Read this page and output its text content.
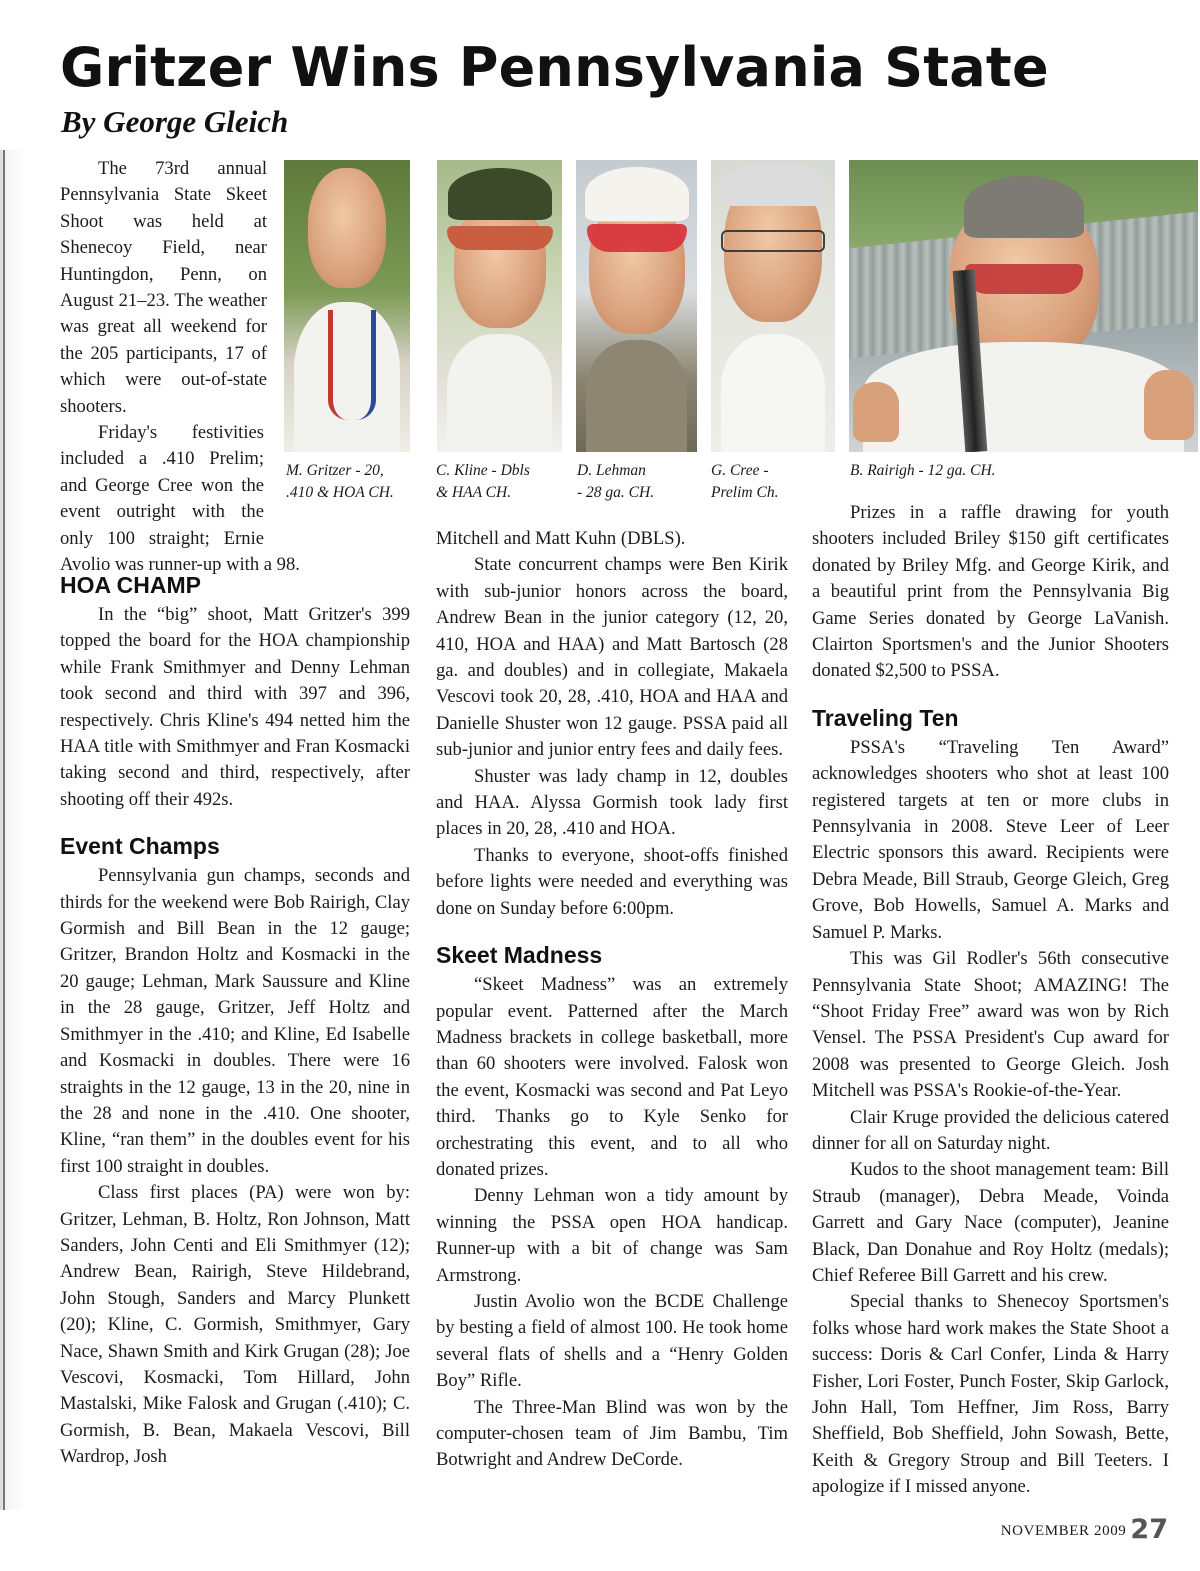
Gritzer Wins Pennsylvania State

By George Gleich

The 73rd annual Pennsylvania State Skeet Shoot was held at Shenecoy Field, near Huntingdon, Penn, on August 21–23. The weather was great all weekend for the 205 participants, 17 of which were out-of-state shooters.

Friday's festivities included a .410 Prelim; and George Cree won the event outright with the only 100 straight; Ernie Avolio was runner-up with a 98.

M. Gritzer - 20,
.410 & HOA CH.
C. Kline - Dbls
& HAA CH.
D. Lehman
- 28 ga. CH.
G. Cree -
Prelim Ch.
B. Rairigh - 12 ga. CH.
HOA CHAMP

In the “big” shoot, Matt Gritzer's 399 topped the board for the HOA championship while Frank Smithmyer and Denny Lehman took second and third with 397 and 396, respectively. Chris Kline's 494 netted him the HAA title with Smithmyer and Fran Kosmacki taking second and third, respectively, after shooting off their 492s.

Event Champs

Pennsylvania gun champs, seconds and thirds for the weekend were Bob Rairigh, Clay Gormish and Bill Bean in the 12 gauge; Gritzer, Brandon Holtz and Kosmacki in the 20 gauge; Lehman, Mark Saussure and Kline in the 28 gauge, Gritzer, Jeff Holtz and Smithmyer in the .410; and Kline, Ed Isabelle and Kosmacki in doubles. There were 16 straights in the 12 gauge, 13 in the 20, nine in the 28 and none in the .410. One shooter, Kline, “ran them” in the doubles event for his first 100 straight in doubles.

Class first places (PA) were won by: Gritzer, Lehman, B. Holtz, Ron Johnson, Matt Sanders, John Centi and Eli Smithmyer (12); Andrew Bean, Rairigh, Steve Hildebrand, John Stough, Sanders and Marcy Plunkett (20); Kline, C. Gormish, Smithmyer, Gary Nace, Shawn Smith and Kirk Grugan (28); Joe Vescovi, Kosmacki, Tom Hillard, John Mastalski, Mike Falosk and Grugan (.410); C. Gormish, B. Bean, Makaela Vescovi, Bill Wardrop, Josh

Mitchell and Matt Kuhn (DBLS).

State concurrent champs were Ben Kirik with sub-junior honors across the board, Andrew Bean in the junior category (12, 20, 410, HOA and HAA) and Matt Bartosch (28 ga. and doubles) and in collegiate, Makaela Vescovi took 20, 28, .410, HOA and HAA and Danielle Shuster won 12 gauge. PSSA paid all sub-junior and junior entry fees and daily fees.

Shuster was lady champ in 12, doubles and HAA. Alyssa Gormish took lady first places in 20, 28, .410 and HOA.

Thanks to everyone, shoot-offs finished before lights were needed and everything was done on Sunday before 6:00pm.

Skeet Madness

“Skeet Madness” was an extremely popular event. Patterned after the March Madness brackets in college basketball, more than 60 shooters were involved. Falosk won the event, Kosmacki was second and Pat Leyo third. Thanks go to Kyle Senko for orchestrating this event, and to all who donated prizes.

Denny Lehman won a tidy amount by winning the PSSA open HOA handicap. Runner-up with a bit of change was Sam Armstrong.

Justin Avolio won the BCDE Challenge by besting a field of almost 100. He took home several flats of shells and a “Henry Golden Boy” Rifle.

The Three-Man Blind was won by the computer-chosen team of Jim Bambu, Tim Botwright and Andrew DeCorde.

Prizes in a raffle drawing for youth shooters included Briley $150 gift certificates donated by Briley Mfg. and George Kirik, and a beautiful print from the Pennsylvania Big Game Series donated by George LaVanish. Clairton Sportsmen's and the Junior Shooters donated $2,500 to PSSA.

Traveling Ten

PSSA's “Traveling Ten Award” acknowledges shooters who shot at least 100 registered targets at ten or more clubs in Pennsylvania in 2008. Steve Leer of Leer Electric sponsors this award. Recipients were Debra Meade, Bill Straub, George Gleich, Greg Grove, Bob Howells, Samuel A. Marks and Samuel P. Marks.

This was Gil Rodler's 56th consecutive Pennsylvania State Shoot; AMAZING! The “Shoot Friday Free” award was won by Rich Vensel. The PSSA President's Cup award for 2008 was presented to George Gleich. Josh Mitchell was PSSA's Rookie-of-the-Year.

Clair Kruge provided the delicious catered dinner for all on Saturday night.

Kudos to the shoot management team: Bill Straub (manager), Debra Meade, Voinda Garrett and Gary Nace (computer), Jeanine Black, Dan Donahue and Roy Holtz (medals); Chief Referee Bill Garrett and his crew.

Special thanks to Shenecoy Sportsmen's folks whose hard work makes the State Shoot a success: Doris & Carl Confer, Linda & Harry Fisher, Lori Foster, Punch Foster, Skip Garlock, John Hall, Tom Heffner, Jim Ross, Barry Sheffield, Bob Sheffield, John Sowash, Bette, Keith & Gregory Stroup and Bill Teeters. I apologize if I missed anyone.

NOVEMBER 2009 27
